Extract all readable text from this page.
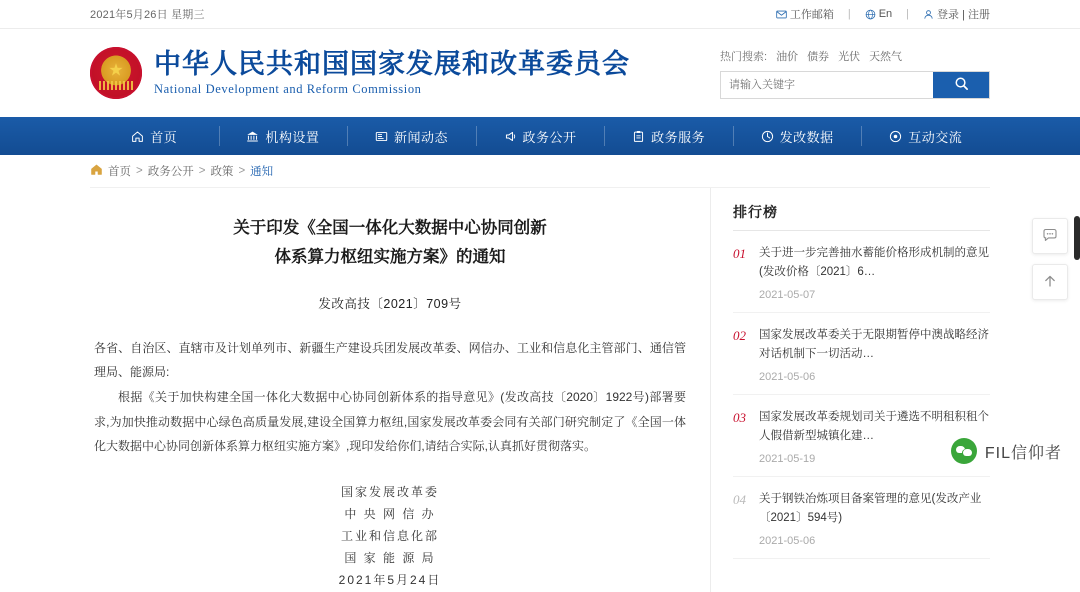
2021年5月26日 星期三	工作邮箱 |	En |	登录 | 注册
★
中华人民共和国国家发展和改革委员会
National Development and Reform Commission
热门搜索: 油价 债券 光伏 天然气
请输入关键字
首页	机构设置	新闻动态	政务公开	政务服务	发改数据	互动交流
首页 > 政务公开 > 政策 > 通知
关于印发《全国一体化大数据中心协同创新
体系算力枢纽实施方案》的通知
发改高技〔2021〕709号

各省、自治区、直辖市及计划单列市、新疆生产建设兵团发展改革委、网信办、工业和信息化主管部门、通信管理局、能源局:

根据《关于加快构建全国一体化大数据中心协同创新体系的指导意见》(发改高技〔2020〕1922号)部署要求,为加快推动数据中心绿色高质量发展,建设全国算力枢纽,国家发展改革委会同有关部门研究制定了《全国一体化大数据中心协同创新体系算力枢纽实施方案》,现印发给你们,请结合实际,认真抓好贯彻落实。

国家发展改革委
中 央 网 信 办
工业和信息化部
国 家 能 源 局
2021年5月24日
排行榜
01	关于进一步完善抽水蓄能价格形成机制的意见(发改价格〔2021〕6…
2021-05-07
02	国家发展改革委关于无限期暂停中澳战略经济对话机制下一切活动…
2021-05-06
03	国家发展改革委规划司关于遴选不明租积租个人假借新型城镇化建…
2021-05-19
04	关于钢铁冶炼项目备案管理的意见(发改产业〔2021〕594号)
2021-05-06
FIL信仰者
